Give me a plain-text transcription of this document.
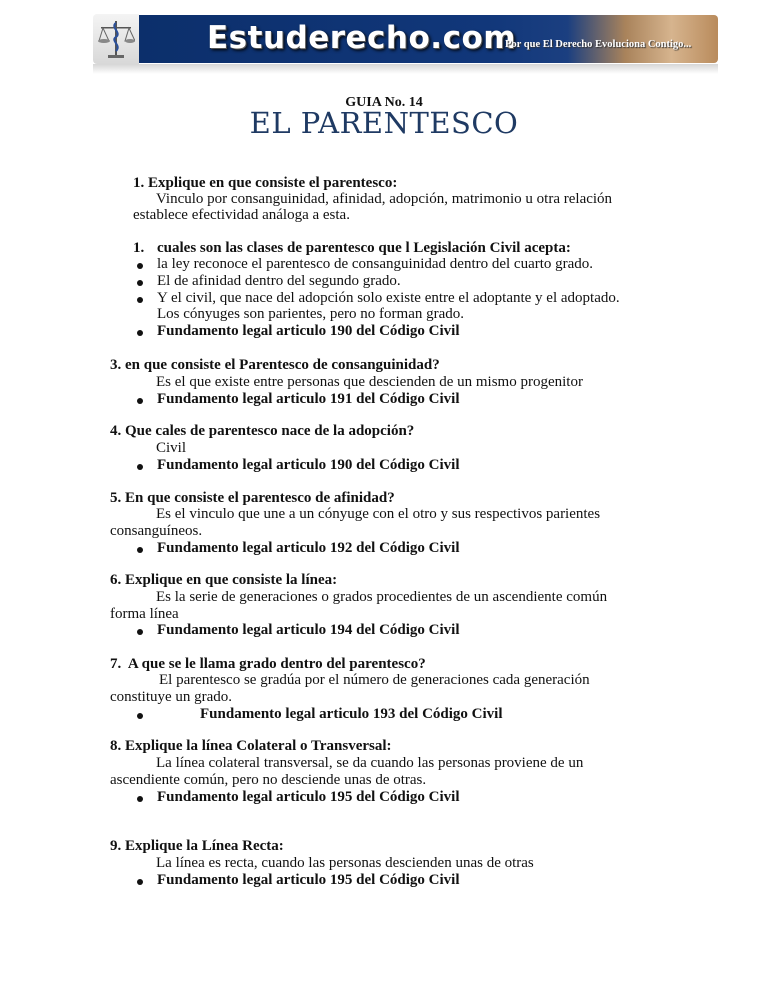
Estuderecho.com
Por que El Derecho Evoluciona Contigo...
GUIA No. 14
EL PARENTESCO
1. Explique en que consiste el parentesco:
Vinculo por consanguinidad, afinidad, adopción, matrimonio u otra relación
establece efectividad análoga a esta.
1. cuales son las clases de parentesco que l Legislación Civil acepta:
la ley reconoce el parentesco de consanguinidad dentro del cuarto grado.
El de afinidad dentro del segundo grado.
Y el civil, que nace del adopción solo existe entre el adoptante y el adoptado.
Los cónyuges son parientes, pero no forman grado.
Fundamento legal articulo 190 del Código Civil
3. en que consiste el Parentesco de consanguinidad?
Es el que existe entre personas que descienden de un mismo progenitor
Fundamento legal articulo 191 del Código Civil
4. Que cales de parentesco nace de la adopción?
Civil
Fundamento legal articulo 190 del Código Civil
5. En que consiste el parentesco de afinidad?
Es el vinculo que une a un cónyuge con el otro y sus respectivos parientes
consanguíneos.
Fundamento legal articulo 192 del Código Civil
6. Explique en que consiste la línea:
Es la serie de generaciones o grados procedientes de un ascendiente común
forma línea
Fundamento legal articulo 194 del Código Civil
7.  A que se le llama grado dentro del parentesco?
El parentesco se gradúa por el número de generaciones cada generación
constituye un grado.
Fundamento legal articulo 193 del Código Civil
8. Explique la línea Colateral o Transversal:
La línea colateral transversal, se da cuando las personas proviene de un
ascendiente común, pero no desciende unas de otras.
Fundamento legal articulo 195 del Código Civil
9. Explique la Línea Recta:
La línea es recta, cuando las personas descienden unas de otras
Fundamento legal articulo 195 del Código Civil
